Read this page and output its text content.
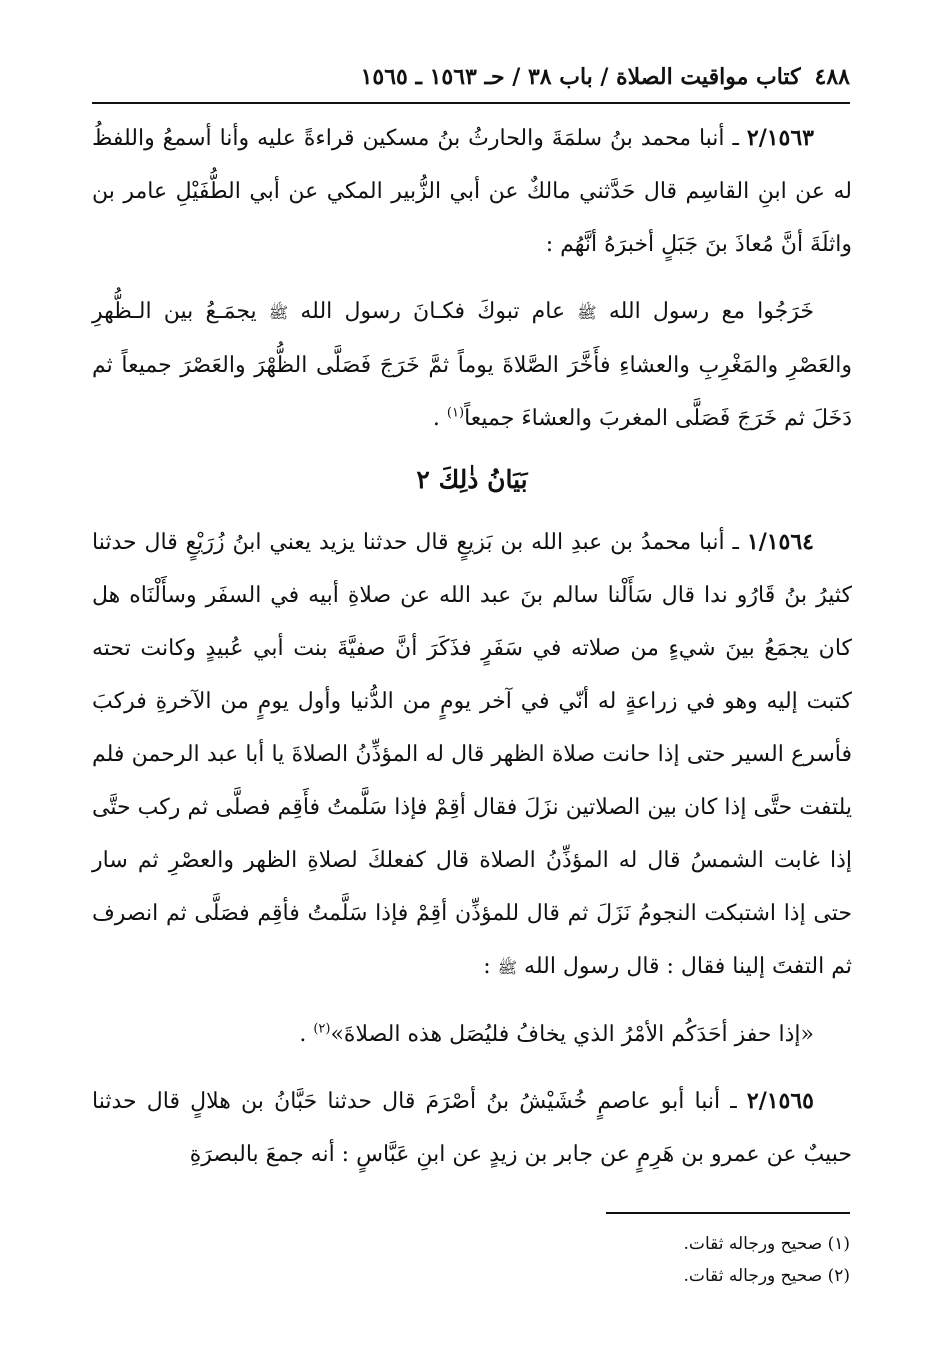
٤٨٨
كتاب مواقيت الصلاة / باب ٣٨ / حـ ١٥٦٣ ـ ١٥٦٥

٢/١٥٦٣ ـ أنبا محمد بنُ سلمَةَ والحارثُ بنُ مسكين قراءةً عليه وأنا أسمعُ واللفظُ له عن ابنِ القاسِم قال حَدَّثني مالكٌ عن أبي الزُّبير المكي عن أبي الطُّفَيْلِ عامر بن واثلَةَ أنَّ مُعاذَ بنَ جَبَلٍ أخبرَهُ أنَّهُم :

خَرَجُوا مع رسول الله ﷺ عام تبوكَ فكـانَ رسول الله ﷺ يجمَـعُ بين الـظُّهرِ والعَصْرِ والمَغْرِبِ والعشاءِ فأَخَّرَ الصَّلاةَ يوماً ثمَّ خَرَجَ فَصَلَّى الظُّهْرَ والعَصْرَ جميعاً ثم دَخَلَ ثم خَرَجَ فَصَلَّى المغربَ والعشاءَ جميعاً$^{(١)}$ .

بَيَانُ ذٰلِكَ ٢

١/١٥٦٤ ـ أنبا محمدُ بن عبدِ الله بن بَزيعٍ قال حدثنا يزيد يعني ابنُ زُرَيْعٍ قال حدثنا كثيرُ بنُ قَارُو ندا قال سَأَلْنا سالم بنَ عبد الله عن صلاةِ أبيه في السفَر وسأَلْنَاه هل كان يجمَعُ بينَ شيءٍ من صلاته في سَفَرٍ فذَكَرَ أنَّ صفيَّةَ بنت أبي عُبيدٍ وكانت تحته كتبت إليه وهو في زراعةٍ له أنّي في آخر يومٍ من الدُّنيا وأول يومٍ من الآخرةِ فركبَ فأسرع السير حتى إذا حانت صلاة الظهر قال له المؤذِّنُ الصلاةَ يا أبا عبد الرحمن فلم يلتفت حتَّى إذا كان بين الصلاتين نزَلَ فقال أقِمْ فإذا سَلَّمتُ فأَقِم فصلَّى ثم ركب حتَّى إذا غابت الشمسُ قال له المؤذِّنُ الصلاة قال كفعلكَ لصلاةِ الظهر والعصْرِ ثم سار حتى إذا اشتبكت النجومُ نَزَلَ ثم قال للمؤذِّن أقِمْ فإذا سَلَّمتُ فأقِم فصَلَّى ثم انصرف ثم التفتَ إلينا فقال : قال رسول الله ﷺ :

«إذا حفز أحَدَكُم الأمْرُ الذي يخافُ فليُصَل هذه الصلاةَ»$^{(٢)}$ .

٢/١٥٦٥ ـ أنبا أبو عاصمٍ خُشَيْشُ بنُ أصْرَمَ قال حدثنا حَبَّانُ بن هلالٍ قال حدثنا حبيبٌ عن عمرو بن هَرِمٍ عن جابر بن زيدٍ عن ابنِ عَبَّاسٍ : أنه جمعَ بالبصرَةِ

(١) صحيح ورجاله ثقات.
(٢) صحيح ورجاله ثقات.
